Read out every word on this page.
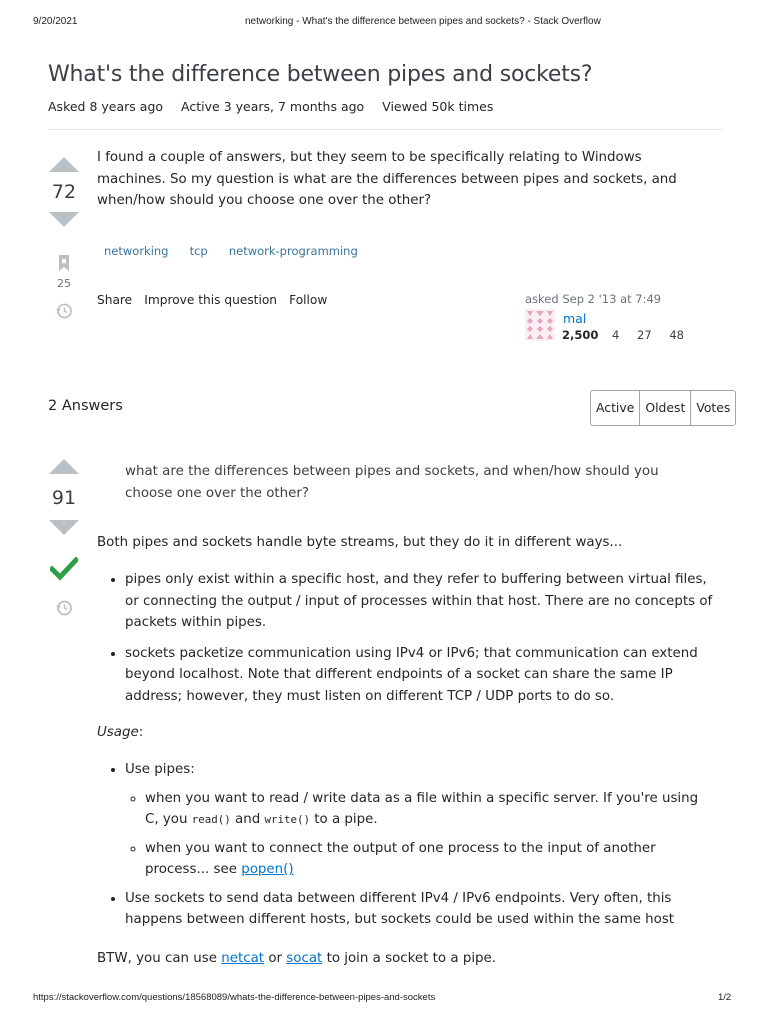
9/20/2021	networking - What's the difference between pipes and sockets? - Stack Overflow
What's the difference between pipes and sockets?
Asked 8 years ago Active 3 years, 7 months ago Viewed 50k times
72
25
I found a couple of answers, but they seem to be specifically relating to Windows machines. So my question is what are the differences between pipes and sockets, and when/how should you choose one over the other?
networking tcp network-programming
Share Improve this question Follow	asked Sep 2 '13 at 7:49
mal
2,500 4 27 48
2 Answers	Active Oldest Votes
91
what are the differences between pipes and sockets, and when/how should you choose one over the other?
Both pipes and sockets handle byte streams, but they do it in different ways...
• pipes only exist within a specific host, and they refer to buffering between virtual files, or connecting the output / input of processes within that host. There are no concepts of packets within pipes.
• sockets packetize communication using IPv4 or IPv6; that communication can extend beyond localhost. Note that different endpoints of a socket can share the same IP address; however, they must listen on different TCP / UDP ports to do so.
Usage:
• Use pipes:
◦ when you want to read / write data as a file within a specific server. If you're using C, you read() and write() to a pipe.
◦ when you want to connect the output of one process to the input of another process... see popen()
• Use sockets to send data between different IPv4 / IPv6 endpoints. Very often, this happens between different hosts, but sockets could be used within the same host
BTW, you can use netcat or socat to join a socket to a pipe.
https://stackoverflow.com/questions/18568089/whats-the-difference-between-pipes-and-sockets	1/2
